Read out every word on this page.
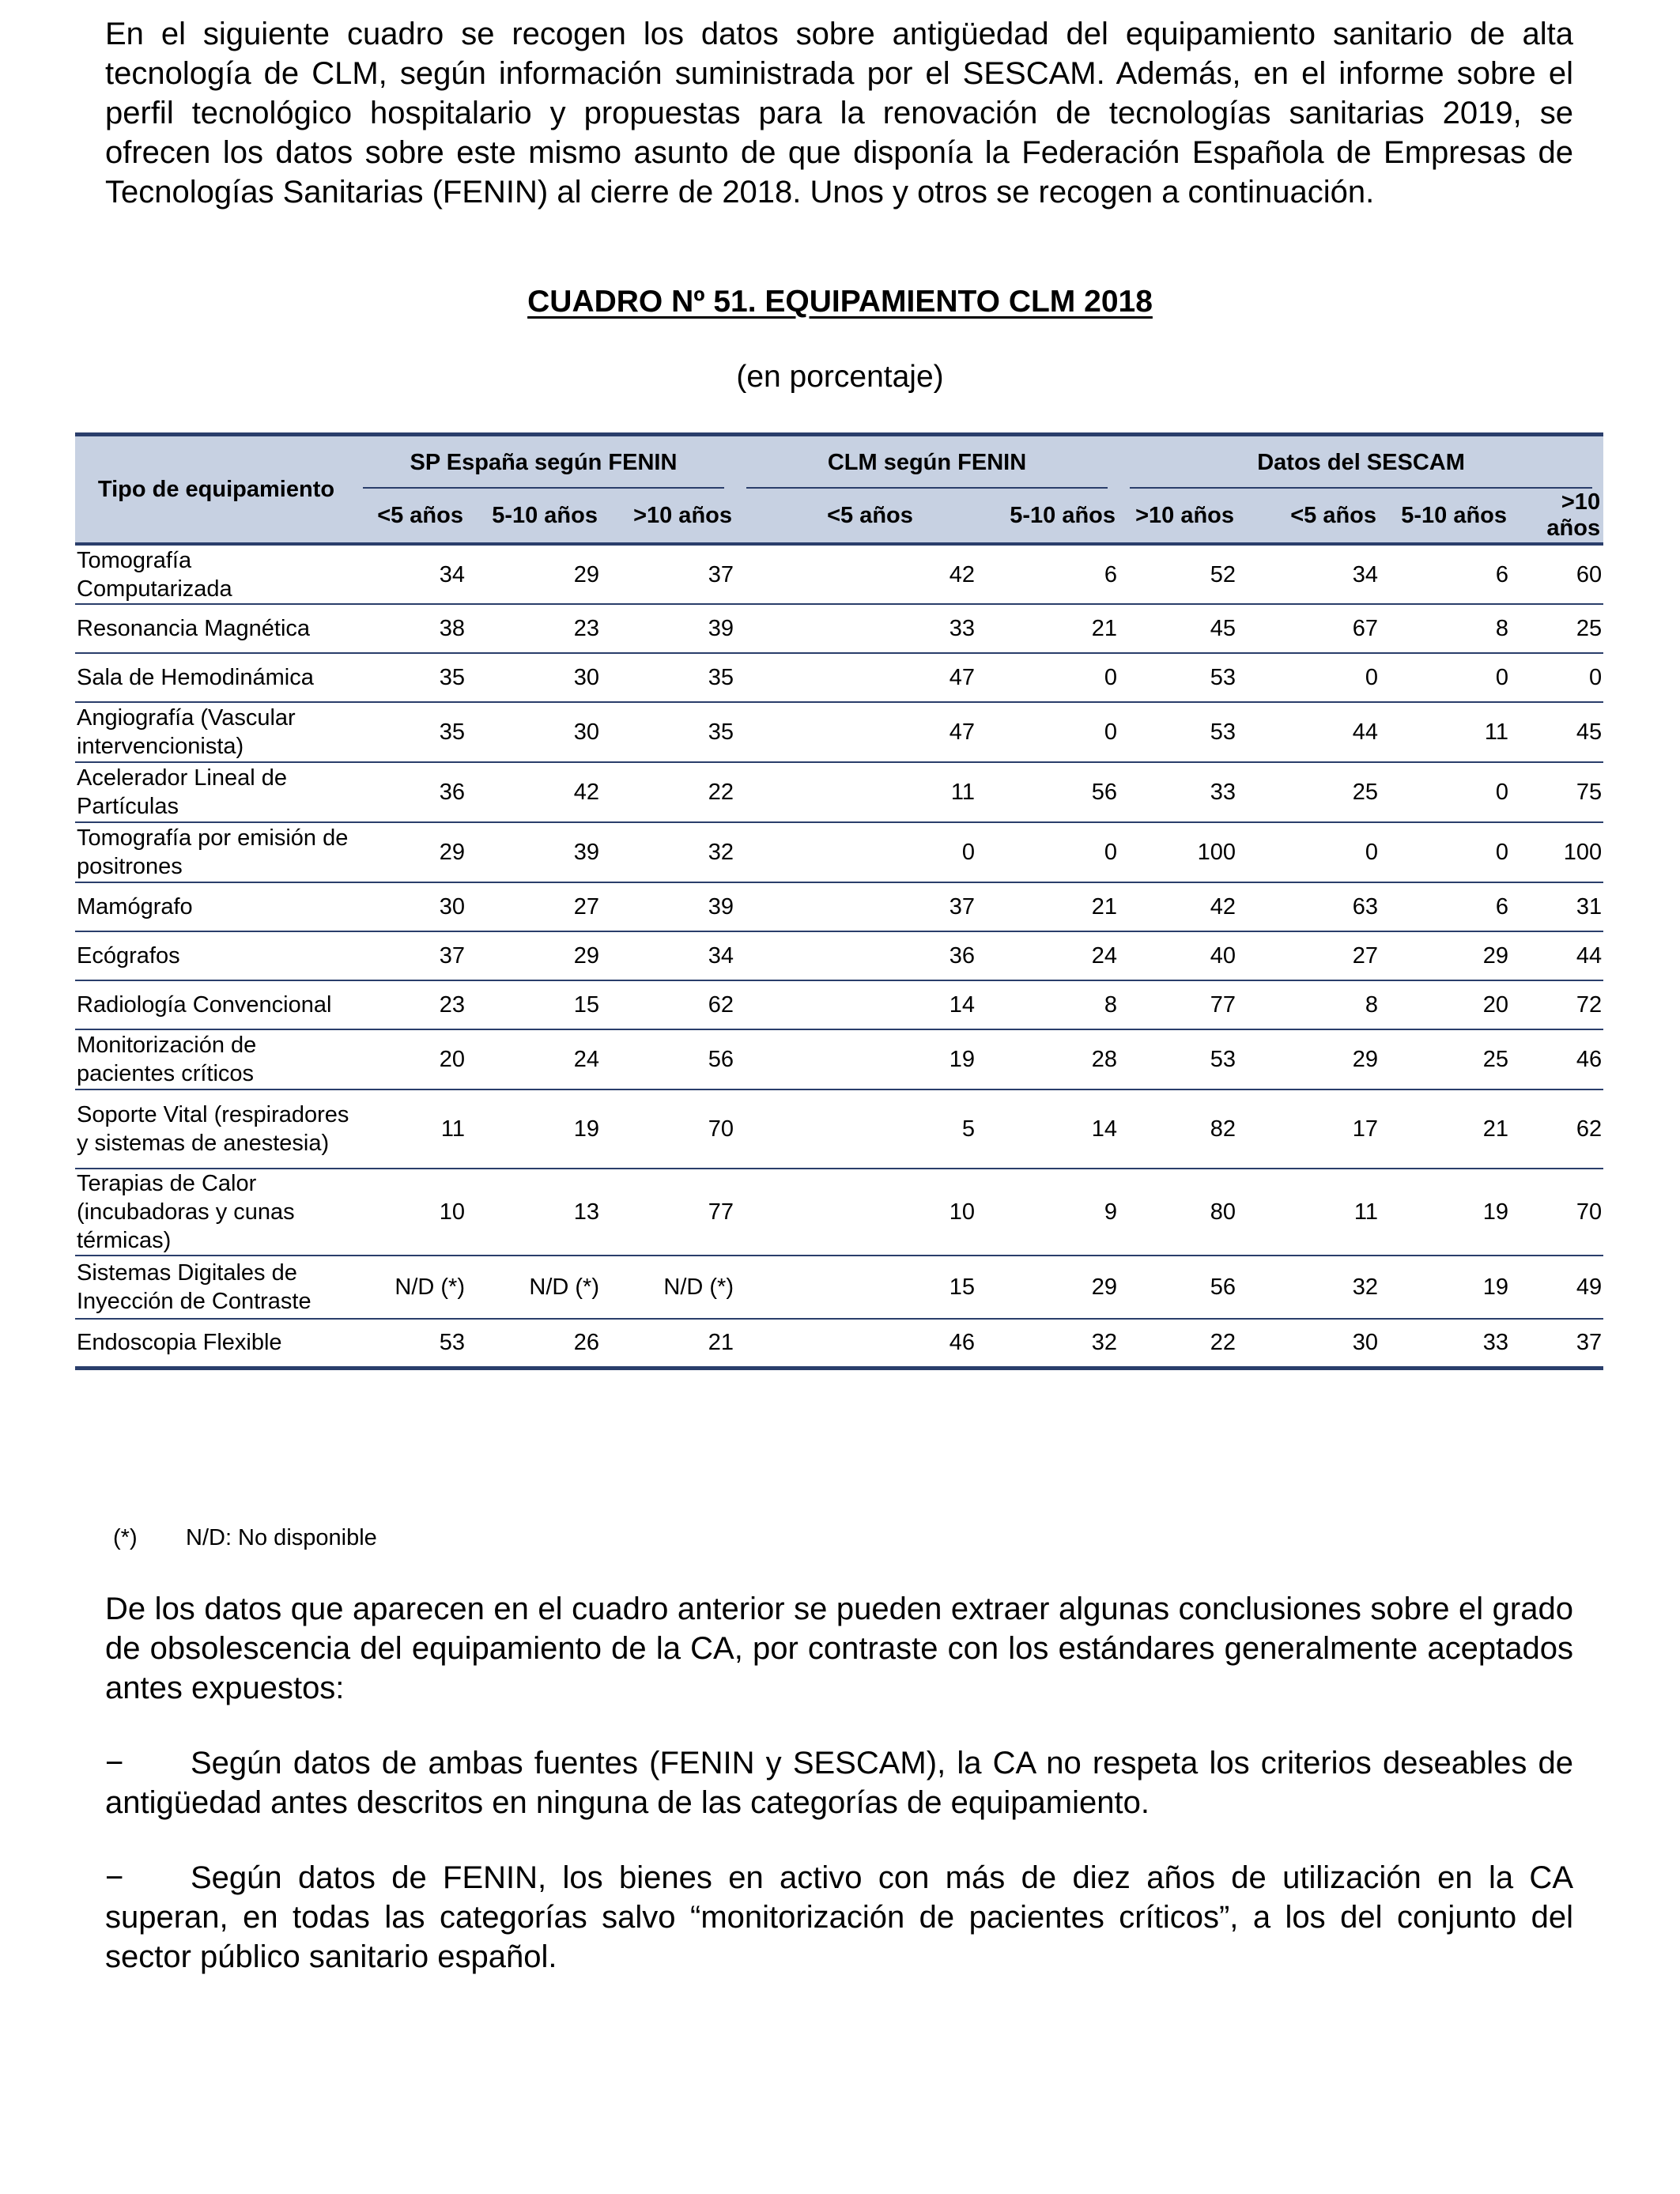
En el siguiente cuadro se recogen los datos sobre antigüedad del equipamiento sanitario de alta tecnología de CLM, según información suministrada por el SESCAM. Además, en el informe sobre el perfil tecnológico hospitalario y propuestas para la renovación de tecnologías sanitarias 2019, se ofrecen los datos sobre este mismo asunto de que disponía la Federación Española de Empresas de Tecnologías Sanitarias (FENIN) al cierre de 2018. Unos y otros se recogen a continuación.

CUADRO Nº 51. EQUIPAMIENTO CLM 2018
(en porcentaje)
Tipo de equipamiento	SP España según FENIN			CLM según FENIN		Datos del SESCAM			
	<5 años	5-10 años	>10 años	<5 años	5-10 años	>10 años	<5 años	5-10 años	>10 años
Tomografía Computarizada	34	29	37	42	6	52	34	6	60
Resonancia Magnética	38	23	39	33	21	45	67	8	25
Sala de Hemodinámica	35	30	35	47	0	53	0	0	0
Angiografía (Vascular intervencionista)	35	30	35	47	0	53	44	11	45
Acelerador Lineal de Partículas	36	42	22	11	56	33	25	0	75
Tomografía por emisión de positrones	29	39	32	0	0	100	0	0	100
Mamógrafo	30	27	39	37	21	42	63	6	31
Ecógrafos	37	29	34	36	24	40	27	29	44
Radiología Convencional	23	15	62	14	8	77	8	20	72
Monitorización de pacientes críticos	20	24	56	19	28	53	29	25	46
Soporte Vital (respiradores y sistemas de anestesia)	11	19	70	5	14	82	17	21	62
Terapias de Calor (incubadoras y cunas térmicas)	10	13	77	10	9	80	11	19	70
Sistemas Digitales de Inyección de Contraste	N/D (*)	N/D (*)	N/D (*)	15	29	56	32	19	49
Endoscopia Flexible	53	26	21	46	32	22	30	33	37
(*) N/D: No disponible

De los datos que aparecen en el cuadro anterior se pueden extraer algunas conclusiones sobre el grado de obsolescencia del equipamiento de la CA, por contraste con los estándares generalmente aceptados antes expuestos:

− Según datos de ambas fuentes (FENIN y SESCAM), la CA no respeta los criterios deseables de antigüedad antes descritos en ninguna de las categorías de equipamiento.

− Según datos de FENIN, los bienes en activo con más de diez años de utilización en la CA superan, en todas las categorías salvo “monitorización de pacientes críticos”, a los del conjunto del sector público sanitario español.
